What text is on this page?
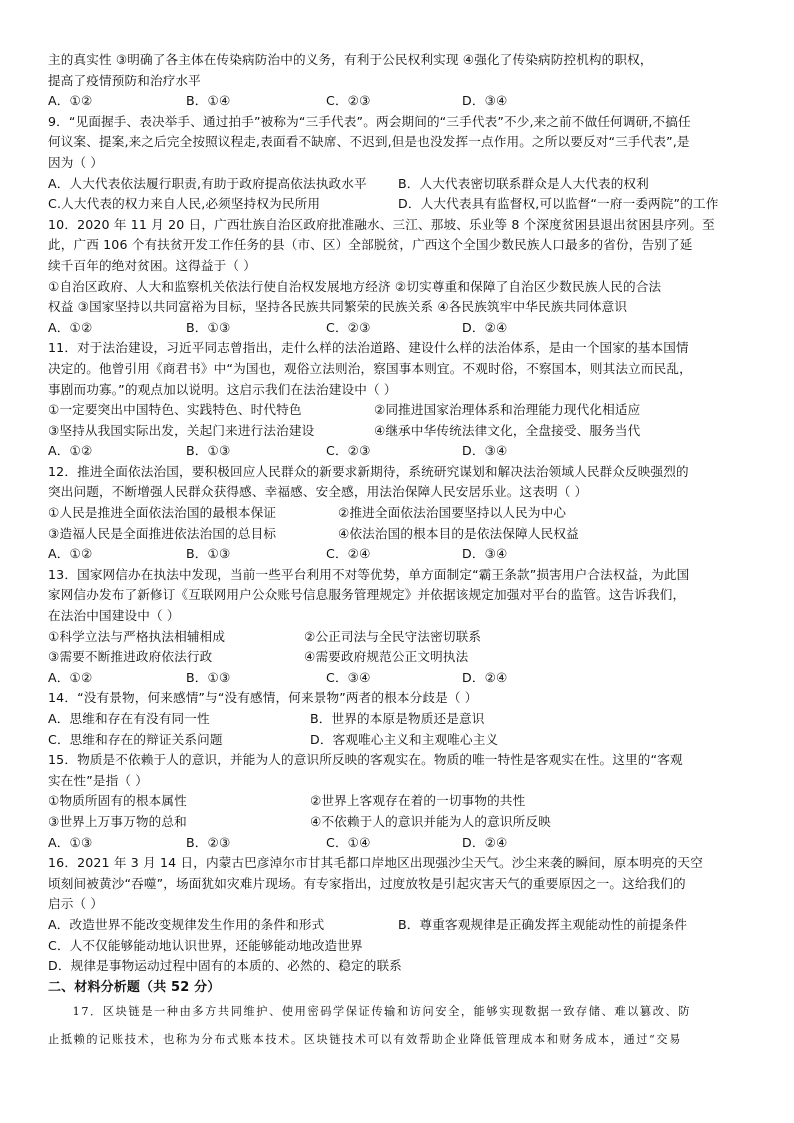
主的真实性 ③明确了各主体在传染病防治中的义务，有利于公民权利实现 ④强化了传染病防控机构的职权，
提高了疫情预防和治疗水平
A．①②	B．①④	C．②③	D．③④
9．“见面握手、表决举手、通过拍手”被称为“三手代表”。两会期间的“三手代表”不少,来之前不做任何调研,不搞任
何议案、提案,来之后完全按照议程走,表面看不缺席、不迟到,但是也没发挥一点作用。之所以要反对“三手代表”,是
因为（ ）
A．人大代表依法履行职责,有助于政府提高依法执政水平	B．人大代表密切联系群众是人大代表的权利
C.人大代表的权力来自人民,必须坚持权为民所用	D．人大代表具有监督权,可以监督“一府一委两院”的工作
10．2020 年 11 月 20 日，广西壮族自治区政府批准融水、三江、那坡、乐业等 8 个深度贫困县退出贫困县序列。至
此，广西 106 个有扶贫开发工作任务的县（市、区）全部脱贫，广西这个全国少数民族人口最多的省份，告别了延
续千百年的绝对贫困。这得益于（ ）
①自治区政府、人大和监察机关依法行使自治权发展地方经济 ②切实尊重和保障了自治区少数民族人民的合法
权益 ③国家坚持以共同富裕为目标，坚持各民族共同繁荣的民族关系 ④各民族筑牢中华民族共同体意识
A．①②	B．①③	C．②③	D．②④
11．对于法治建设，习近平同志曾指出，走什么样的法治道路、建设什么样的法治体系，是由一个国家的基本国情
决定的。他曾引用《商君书》中“为国也，观俗立法则治，察国事本则宜。不观时俗，不察国本，则其法立而民乱，
事剧而功寡。”的观点加以说明。这启示我们在法治建设中（ ）
①一定要突出中国特色、实践特色、时代特色	②同推进国家治理体系和治理能力现代化相适应
③坚持从我国实际出发，关起门来进行法治建设	④继承中华传统法律文化，全盘接受、服务当代
A．①②	B．①③	C．②③	D．③④
12．推进全面依法治国，要积极回应人民群众的新要求新期待，系统研究谋划和解决法治领域人民群众反映强烈的
突出问题，不断增强人民群众获得感、幸福感、安全感，用法治保障人民安居乐业。这表明（ ）
①人民是推进全面依法治国的最根本保证	②推进全面依法治国要坚持以人民为中心
③造福人民是全面推进依法治国的总目标	④依法治国的根本目的是依法保障人民权益
A．①②	B．①③	C．②④	D．③④
13．国家网信办在执法中发现，当前一些平台利用不对等优势，单方面制定“霸王条款”损害用户合法权益，为此国
家网信办发布了新修订《互联网用户公众账号信息服务管理规定》并依据该规定加强对平台的监管。这告诉我们，
在法治中国建设中（ ）
①科学立法与严格执法相辅相成	②公正司法与全民守法密切联系
③需要不断推进政府依法行政	④需要政府规范公正文明执法
A．①②	B．①③	C．③④	D．②④
14．“没有景物，何来感情”与“没有感情，何来景物”两者的根本分歧是（ ）
A．思维和存在有没有同一性	B．世界的本原是物质还是意识
C．思维和存在的辩证关系问题	D．客观唯心主义和主观唯心主义
15．物质是不依赖于人的意识，并能为人的意识所反映的客观实在。物质的唯一特性是客观实在性。这里的“客观
实在性”是指（ ）
①物质所固有的根本属性	②世界上客观存在着的一切事物的共性
③世界上万事万物的总和	④不依赖于人的意识并能为人的意识所反映
A．①③	B．②③	C．①④	D．②④
16．2021 年 3 月 14 日，内蒙古巴彦淖尔市甘其毛都口岸地区出现强沙尘天气。沙尘来袭的瞬间，原本明亮的天空
顷刻间被黄沙“吞噬”，场面犹如灾难片现场。有专家指出，过度放牧是引起灾害天气的重要原因之一。这给我们的
启示（ ）
A．改造世界不能改变规律发生作用的条件和形式	B．尊重客观规律是正确发挥主观能动性的前提条件
C．人不仅能够能动地认识世界，还能够能动地改造世界
D．规律是事物运动过程中固有的本质的、必然的、稳定的联系
二、材料分析题（共 52 分）
17．区块链是一种由多方共同维护、使用密码学保证传输和访问安全，能够实现数据一致存储、难以篡改、防
止抵赖的记账技术，也称为分布式账本技术。区块链技术可以有效帮助企业降低管理成本和财务成本，通过“交易
